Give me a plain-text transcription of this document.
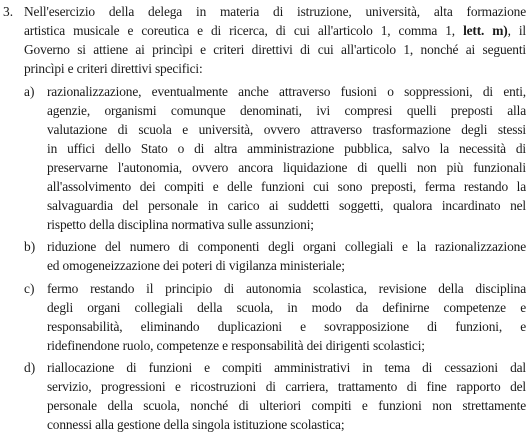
3. Nell'esercizio della delega in materia di istruzione, università, alta formazione
artistica musicale e coreutica e di ricerca, di cui all'articolo 1, comma 1, lett. m), il
Governo si attiene ai princìpi e criteri direttivi di cui all'articolo 1, nonché ai seguenti
princìpi e criteri direttivi specifici:
a) razionalizzazione, eventualmente anche attraverso fusioni o soppressioni, di enti,
agenzie, organismi comunque denominati, ivi compresi quelli preposti alla
valutazione di scuola e università, ovvero attraverso trasformazione degli stessi
in uffici dello Stato o di altra amministrazione pubblica, salvo la necessità di
preservarne l'autonomia, ovvero ancora liquidazione di quelli non più funzionali
all'assolvimento dei compiti e delle funzioni cui sono preposti, ferma restando la
salvaguardia del personale in carico ai suddetti soggetti, qualora incardinato nel
rispetto della disciplina normativa sulle assunzioni;
b) riduzione del numero di componenti degli organi collegiali e la razionalizzazione
ed omogeneizzazione dei poteri di vigilanza ministeriale;
c) fermo restando il principio di autonomia scolastica, revisione della disciplina
degli organi collegiali della scuola, in modo da definirne competenze e
responsabilità, eliminando duplicazioni e sovrapposizione di funzioni, e
ridefinendone ruolo, competenze e responsabilità dei dirigenti scolastici;
d) riallocazione di funzioni e compiti amministrativi in tema di cessazioni dal
servizio, progressioni e ricostruzioni di carriera, trattamento di fine rapporto del
personale della scuola, nonché di ulteriori compiti e funzioni non strettamente
connessi alla gestione della singola istituzione scolastica;
